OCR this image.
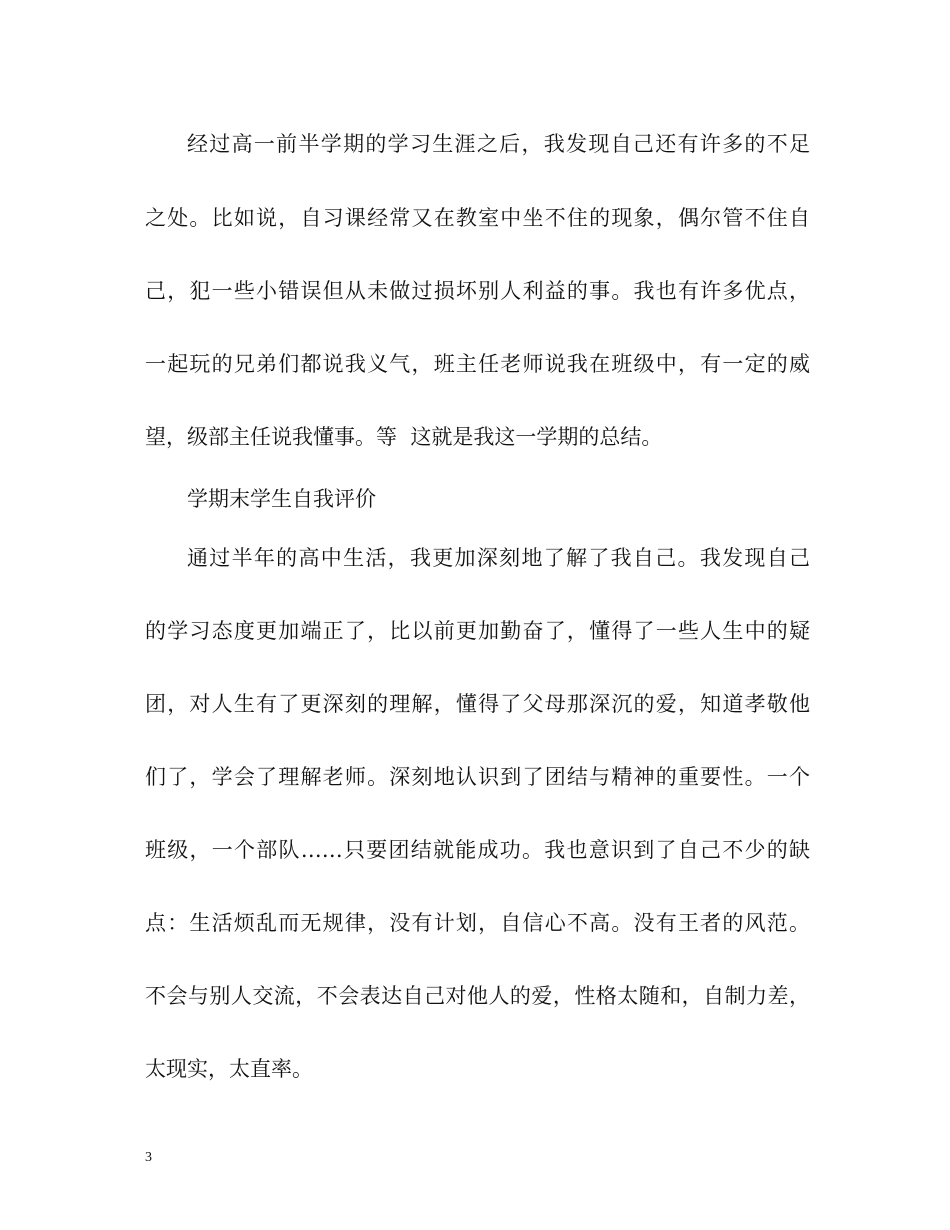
经过高一前半学期的学习生涯之后，我发现自己还有许多的不足
之处。比如说，自习课经常又在教室中坐不住的现象，偶尔管不住自
己，犯一些小错误但从未做过损坏别人利益的事。我也有许多优点，
一起玩的兄弟们都说我义气，班主任老师说我在班级中，有一定的威
望，级部主任说我懂事。等  这就是我这一学期的总结。
学期末学生自我评价
通过半年的高中生活，我更加深刻地了解了我自己。我发现自己
的学习态度更加端正了，比以前更加勤奋了，懂得了一些人生中的疑
团，对人生有了更深刻的理解，懂得了父母那深沉的爱，知道孝敬他
们了，学会了理解老师。深刻地认识到了团结与精神的重要性。一个
班级，一个部队……只要团结就能成功。我也意识到了自己不少的缺
点：生活烦乱而无规律，没有计划，自信心不高。没有王者的风范。
不会与别人交流，不会表达自己对他人的爱，性格太随和，自制力差，
太现实，太直率。
3
